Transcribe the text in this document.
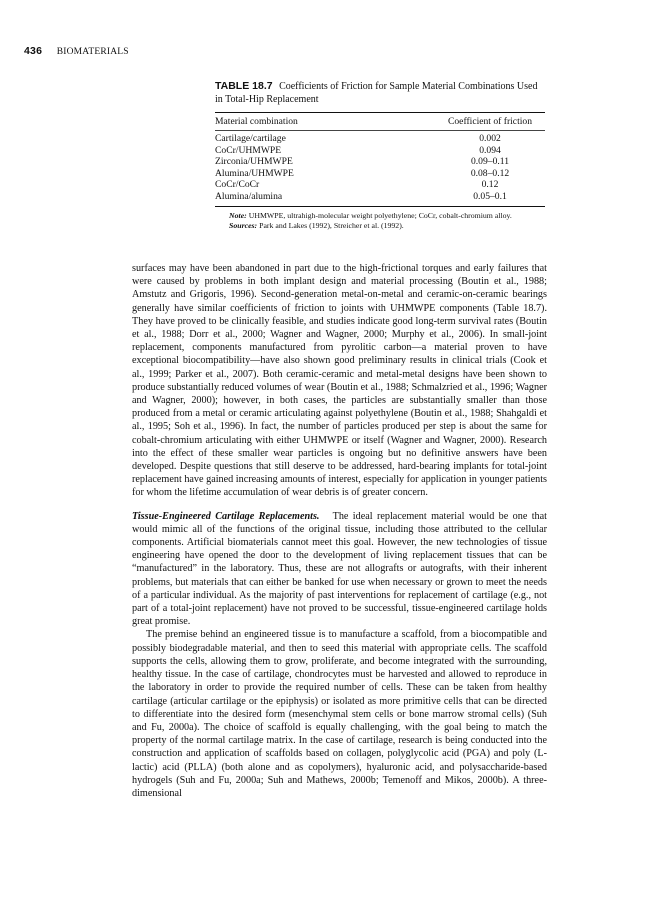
436 BIOMATERIALS
TABLE 18.7 Coefficients of Friction for Sample Material Combinations Used in Total-Hip Replacement
Material combination	Coefficient of friction
Cartilage/cartilage	0.002
CoCr/UHMWPE	0.094
Zirconia/UHMWPE	0.09–0.11
Alumina/UHMWPE	0.08–0.12
CoCr/CoCr	0.12
Alumina/alumina	0.05–0.1
Note: UHMWPE, ultrahigh-molecular weight polyethylene; CoCr, cobalt-chromium alloy.
Sources: Park and Lakes (1992), Streicher et al. (1992).

surfaces may have been abandoned in part due to the high-frictional torques and early failures that were caused by problems in both implant design and material processing (Boutin et al., 1988; Amstutz and Grigoris, 1996). Second-generation metal-on-metal and ceramic-on-ceramic bearings generally have similar coefficients of friction to joints with UHMWPE components (Table 18.7). They have proved to be clinically feasible, and studies indicate good long-term survival rates (Boutin et al., 1988; Dorr et al., 2000; Wagner and Wagner, 2000; Murphy et al., 2006). In small-joint replacement, components manufactured from pyrolitic carbon—a material proven to have exceptional biocompatibility—have also shown good preliminary results in clinical trials (Cook et al., 1999; Parker et al., 2007). Both ceramic-ceramic and metal-metal designs have been shown to produce substantially reduced volumes of wear (Boutin et al., 1988; Schmalzried et al., 1996; Wagner and Wagner, 2000); however, in both cases, the particles are substantially smaller than those produced from a metal or ceramic articulating against polyethylene (Boutin et al., 1988; Shahgaldi et al., 1995; Soh et al., 1996). In fact, the number of particles produced per step is about the same for cobalt-chromium articulating with either UHMWPE or itself (Wagner and Wagner, 2000). Research into the effect of these smaller wear particles is ongoing but no definitive answers have been developed. Despite questions that still deserve to be addressed, hard-bearing implants for total-joint replacement have gained increasing amounts of interest, especially for application in younger patients for whom the lifetime accumulation of wear debris is of greater concern.

Tissue-Engineered Cartilage Replacements. The ideal replacement material would be one that would mimic all of the functions of the original tissue, including those attributed to the cellular components. Artificial biomaterials cannot meet this goal. However, the new technologies of tissue engineering have opened the door to the development of living replacement tissues that can be “manufactured” in the laboratory. Thus, these are not allografts or autografts, with their inherent problems, but materials that can either be banked for use when necessary or grown to meet the needs of a particular individual. As the majority of past interventions for replacement of cartilage (e.g., not part of a total-joint replacement) have not proved to be successful, tissue-engineered cartilage holds great promise.

The premise behind an engineered tissue is to manufacture a scaffold, from a biocompatible and possibly biodegradable material, and then to seed this material with appropriate cells. The scaffold supports the cells, allowing them to grow, proliferate, and become integrated with the surrounding, healthy tissue. In the case of cartilage, chondrocytes must be harvested and allowed to reproduce in the laboratory in order to provide the required number of cells. These can be taken from healthy cartilage (articular cartilage or the epiphysis) or isolated as more primitive cells that can be directed to differentiate into the desired form (mesenchymal stem cells or bone marrow stromal cells) (Suh and Fu, 2000a). The choice of scaffold is equally challenging, with the goal being to match the property of the normal cartilage matrix. In the case of cartilage, research is being conducted into the construction and application of scaffolds based on collagen, polyglycolic acid (PGA) and poly (L-lactic) acid (PLLA) (both alone and as copolymers), hyaluronic acid, and polysaccharide-based hydrogels (Suh and Fu, 2000a; Suh and Mathews, 2000b; Temenoff and Mikos, 2000b). A three-dimensional
